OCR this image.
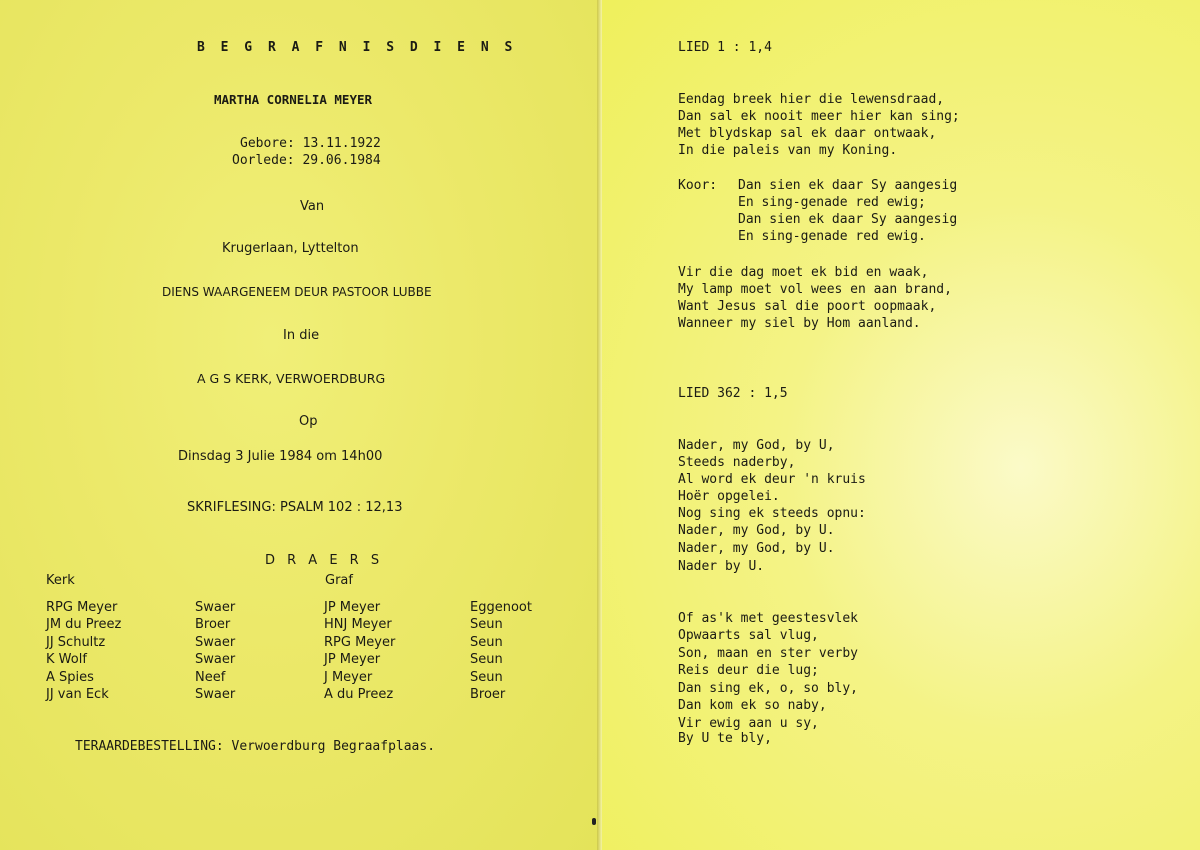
B E G R A F N I S D I E N S
MARTHA CORNELIA MEYER
Gebore: 13.11.1922
Oorlede: 29.06.1984
Van
Krugerlaan, Lyttelton
DIENS WAARGENEEM DEUR PASTOOR LUBBE
In die
A G S KERK, VERWOERDBURG
Op
Dinsdag 3 Julie 1984 om 14h00
SKRIFLESING: PSALM 102 : 12,13
D R A E R S
Kerk	Graf
RPG Meyer	Swaer	JP Meyer	Eggenoot
JM du Preez	Broer	HNJ Meyer	Seun
JJ Schultz	Swaer	RPG Meyer	Seun
K Wolf	Swaer	JP Meyer	Seun
A Spies	Neef	J Meyer	Seun
JJ van Eck	Swaer	A du Preez	Broer
TERAARDEBESTELLING: Verwoerdburg Begraafplaas.
LIED 1 : 1,4
Eendag breek hier die lewensdraad,
Dan sal ek nooit meer hier kan sing;
Met blydskap sal ek daar ontwaak,
In die paleis van my Koning.
Koor: Dan sien ek daar Sy aangesig
En sing-genade red ewig;
Dan sien ek daar Sy aangesig
En sing-genade red ewig.
Vir die dag moet ek bid en waak,
My lamp moet vol wees en aan brand,
Want Jesus sal die poort oopmaak,
Wanneer my siel by Hom aanland.
LIED 362 : 1,5
Nader, my God, by U,
Steeds naderby,
Al word ek deur 'n kruis
Hoër opgelei.
Nog sing ek steeds opnu:
Nader, my God, by U.
Nader, my God, by U.
Nader by U.
Of as'k met geestesvlek
Opwaarts sal vlug,
Son, maan en ster verby
Reis deur die lug;
Dan sing ek, o, so bly,
Dan kom ek so naby,
Vir ewig aan u sy,
By U te bly,
